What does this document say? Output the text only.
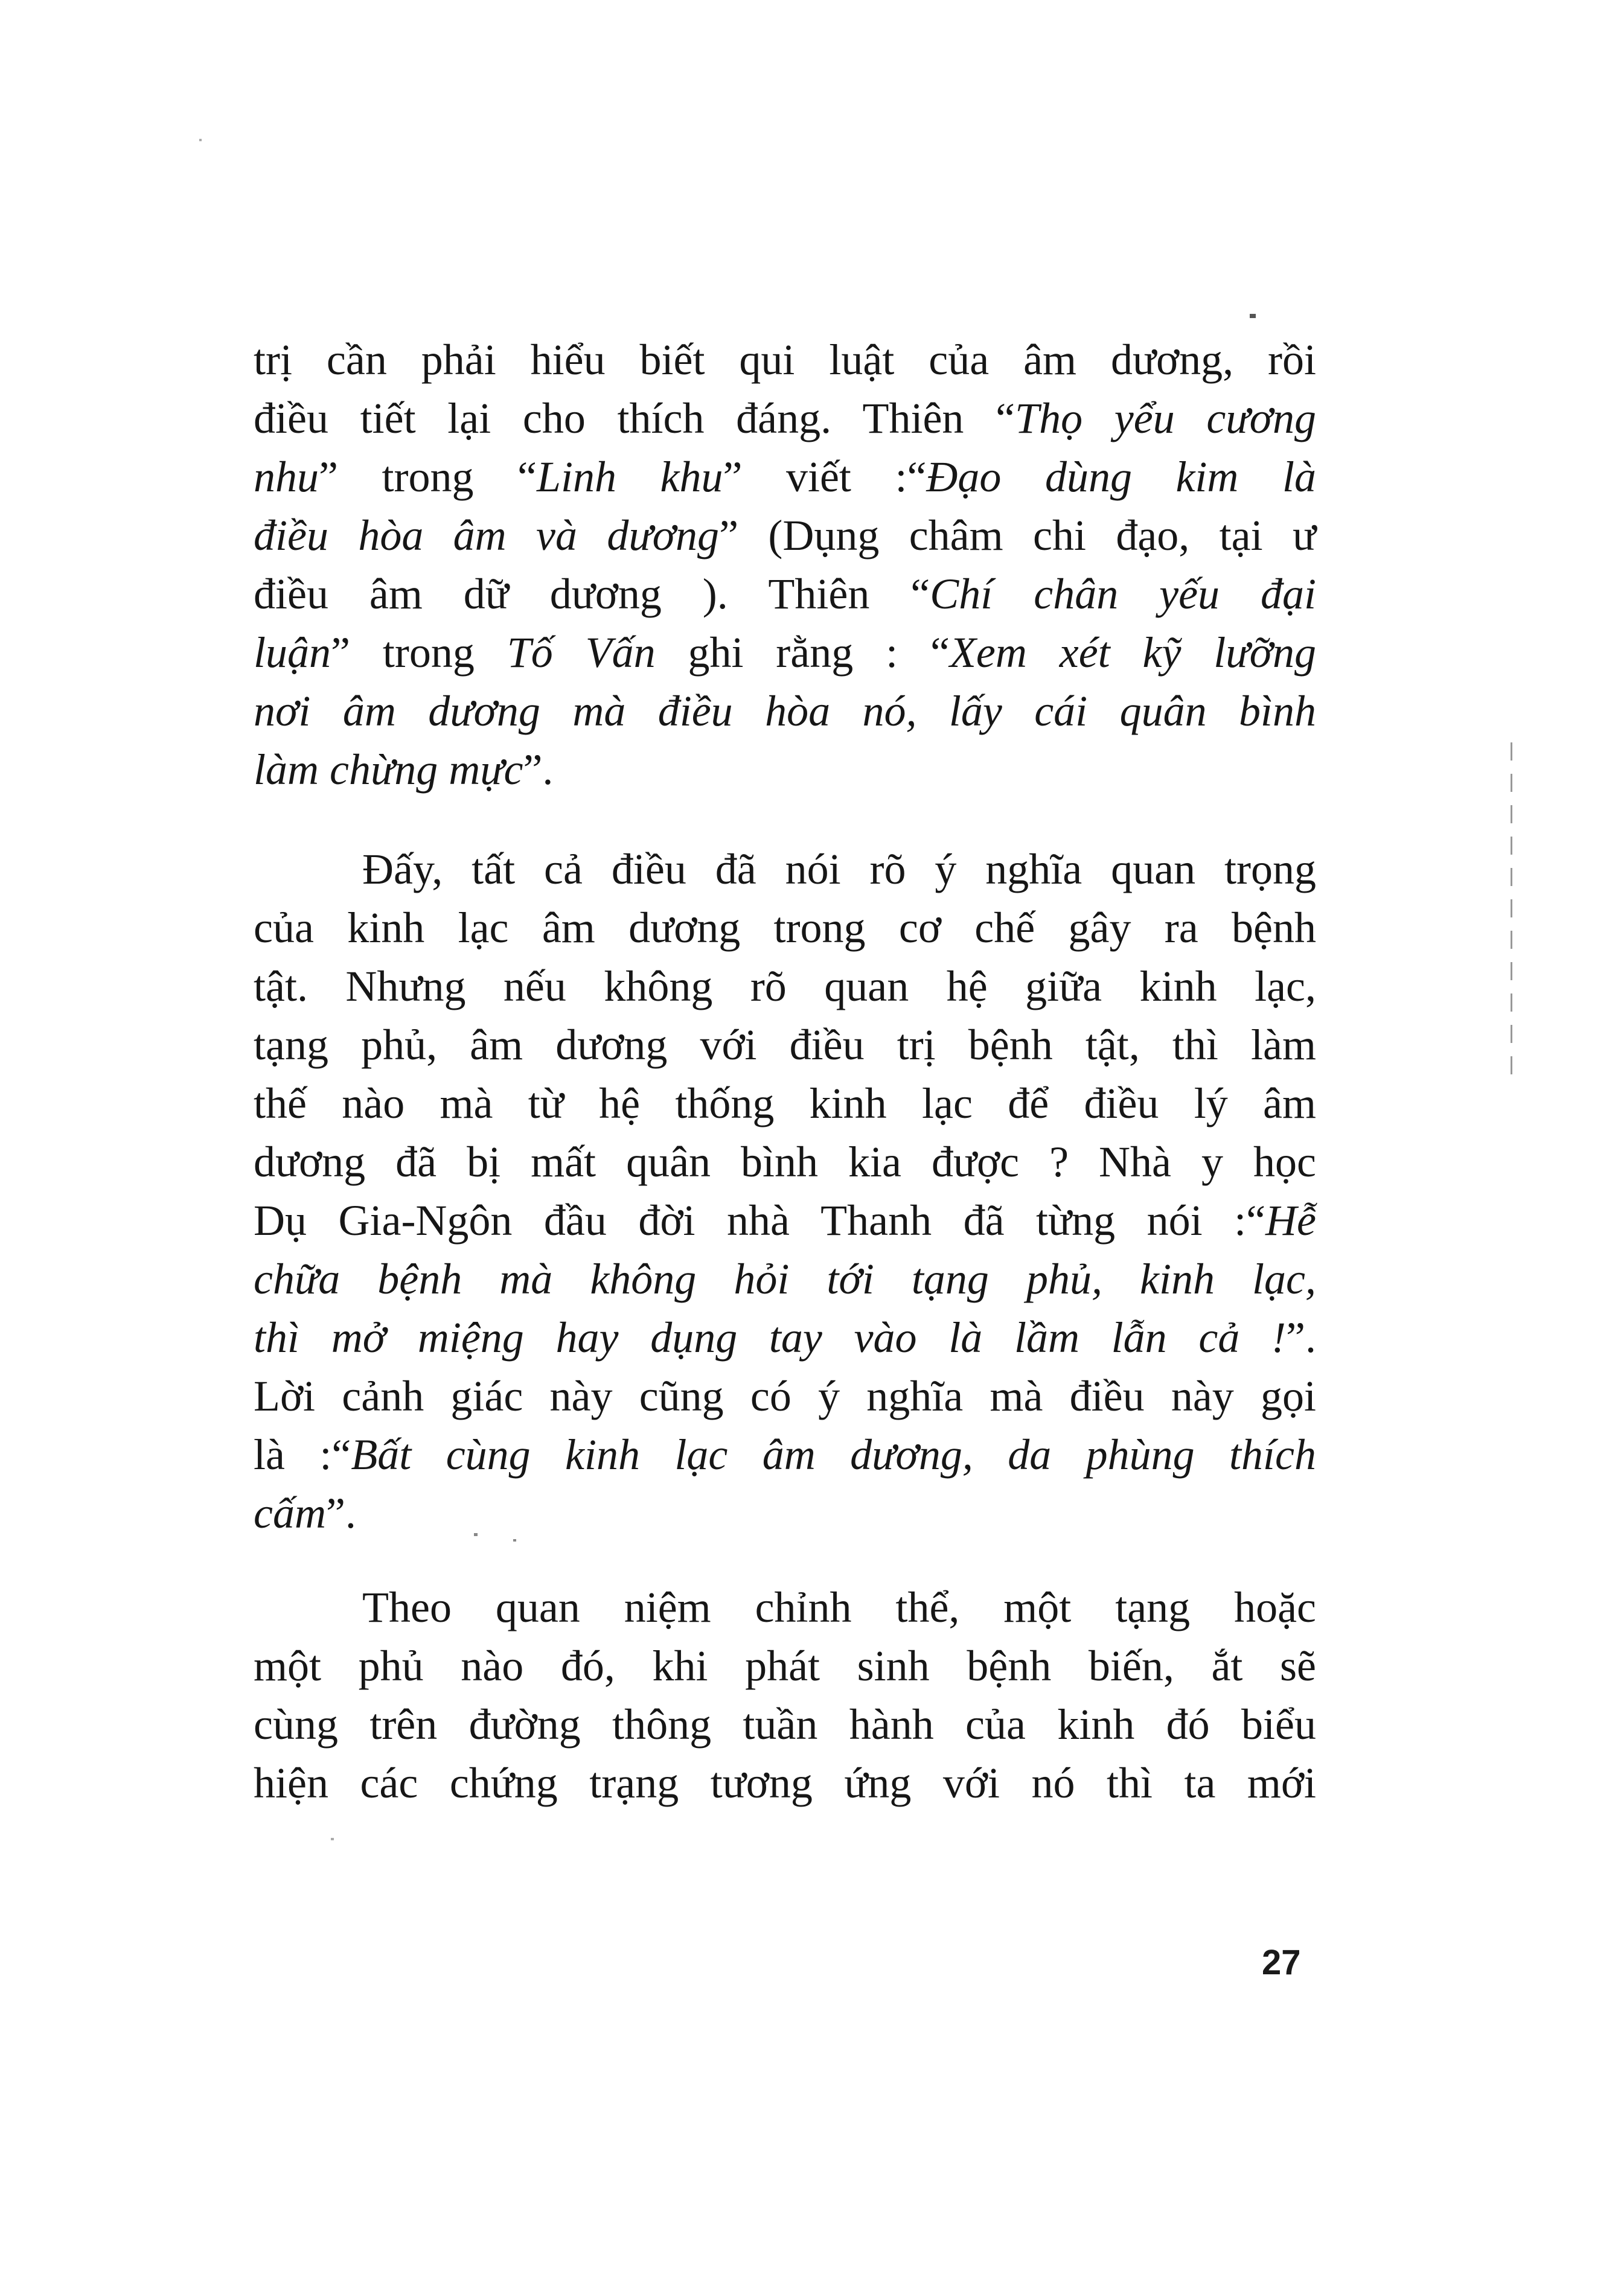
trị cần phải hiểu biết qui luật của âm dương, rồi
điều tiết lại cho thích đáng. Thiên “Thọ yểu cương
nhu” trong “Linh khu” viết :“Đạo dùng kim là
điều hòa âm và dương” (Dụng châm chi đạo, tại ư
điều âm dữ dương ). Thiên “Chí chân yếu đại
luận” trong Tố Vấn ghi rằng : “Xem xét kỹ lưỡng
nơi âm dương mà điều hòa nó, lấy cái quân bình
làm chừng mực”.
Đấy, tất cả điều đã nói rõ ý nghĩa quan trọng
của kinh lạc âm dương trong cơ chế gây ra bệnh
tật. Nhưng nếu không rõ quan hệ giữa kinh lạc,
tạng phủ, âm dương với điều trị bệnh tật, thì làm
thế nào mà từ hệ thống kinh lạc để điều lý âm
dương đã bị mất quân bình kia được ? Nhà y học
Dụ Gia-Ngôn đầu đời nhà Thanh đã từng nói :“Hễ
chữa bệnh mà không hỏi tới tạng phủ, kinh lạc,
thì mở miệng hay dụng tay vào là lầm lẫn cả !”.
Lời cảnh giác này cũng có ý nghĩa mà điều này gọi
là :“Bất cùng kinh lạc âm dương, da phùng thích
cấm”.
Theo quan niệm chỉnh thể, một tạng hoặc
một phủ nào đó, khi phát sinh bệnh biến, ắt sẽ
cùng trên đường thông tuần hành của kinh đó biểu
hiện các chứng trạng tương ứng với nó thì ta mới
27
